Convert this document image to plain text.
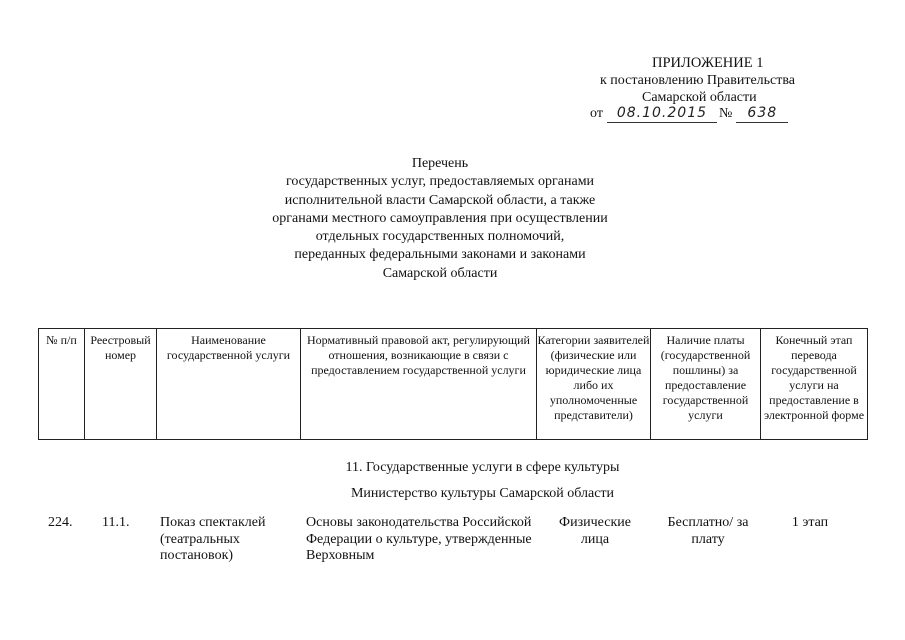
ПРИЛОЖЕНИЕ 1
к постановлению Правительства
Самарской области
от 08.10.2015 №	638
Перечень
государственных услуг, предоставляемых органами
исполнительной власти Самарской области, а также
органами местного самоуправления при осуществлении
отдельных государственных полномочий,
переданных федеральными законами и законами
Самарской области
№ п/п	Реестровый номер
Наименование государственной услуги
Нормативный правовой акт, регулирующий отношения, возникающие в связи с предоставлением государственной услуги
Категории заявителей (физические или юридические лица либо их уполномоченные представители)
Наличие платы (государственной пошлины) за предоставление государственной услуги
Конечный этап перевода государственной услуги на предоставление в электронной форме
11. Государственные услуги в сфере культуры
Министерство культуры Самарской области
224. 11.1. Показ спектаклей (театральных постановок)
Основы законодательства Российской Федерации о культуре, утвержденные Верховным
Физические лица
Бесплатно/ за плату
1 этап
